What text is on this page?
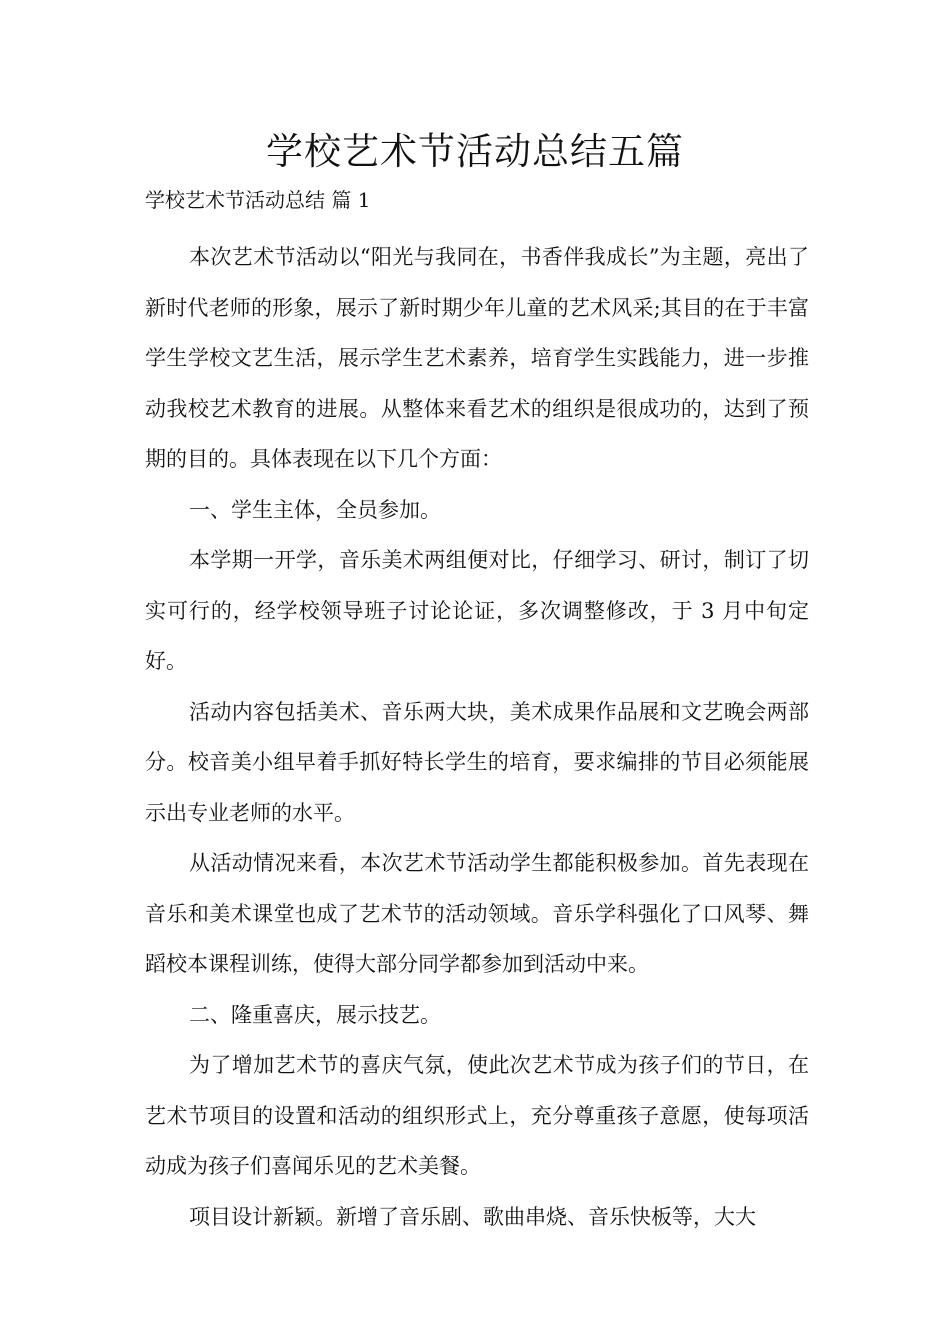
学校艺术节活动总结五篇
学校艺术节活动总结 篇 1

本次艺术节活动以“阳光与我同在，书香伴我成长”为主题，亮出了新时代老师的形象，展示了新时期少年儿童的艺术风采;其目的在于丰富学生学校文艺生活，展示学生艺术素养，培育学生实践能力，进一步推动我校艺术教育的进展。从整体来看艺术的组织是很成功的，达到了预期的目的。具体表现在以下几个方面：

一、学生主体，全员参加。

本学期一开学，音乐美术两组便对比，仔细学习、研讨，制订了切实可行的，经学校领导班子讨论论证，多次调整修改，于 3 月中旬定好。

活动内容包括美术、音乐两大块，美术成果作品展和文艺晚会两部分。校音美小组早着手抓好特长学生的培育，要求编排的节目必须能展示出专业老师的水平。

从活动情况来看，本次艺术节活动学生都能积极参加。首先表现在音乐和美术课堂也成了艺术节的活动领域。音乐学科强化了口风琴、舞蹈校本课程训练，使得大部分同学都参加到活动中来。

二、隆重喜庆，展示技艺。

为了增加艺术节的喜庆气氛，使此次艺术节成为孩子们的节日，在艺术节项目的设置和活动的组织形式上，充分尊重孩子意愿，使每项活动成为孩子们喜闻乐见的艺术美餐。

项目设计新颖。新增了音乐剧、歌曲串烧、音乐快板等，大大
